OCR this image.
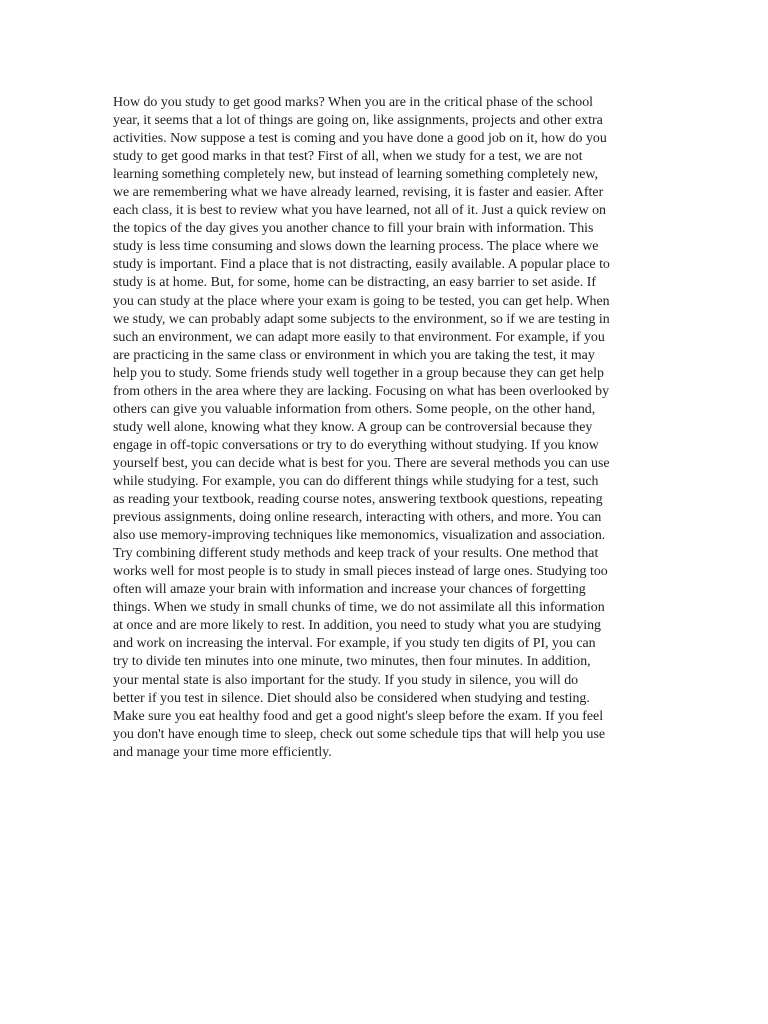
How do you study to get good marks? When you are in the critical phase of the school
year, it seems that a lot of things are going on, like assignments, projects and other extra
activities. Now suppose a test is coming and you have done a good job on it, how do you
study to get good marks in that test? First of all, when we study for a test, we are not
learning something completely new, but instead of learning something completely new,
we are remembering what we have already learned, revising, it is faster and easier. After
each class, it is best to review what you have learned, not all of it. Just a quick review on
the topics of the day gives you another chance to fill your brain with information. This
study is less time consuming and slows down the learning process. The place where we
study is important. Find a place that is not distracting, easily available. A popular place to
study is at home. But, for some, home can be distracting, an easy barrier to set aside. If
you can study at the place where your exam is going to be tested, you can get help. When
we study, we can probably adapt some subjects to the environment, so if we are testing in
such an environment, we can adapt more easily to that environment. For example, if you
are practicing in the same class or environment in which you are taking the test, it may
help you to study. Some friends study well together in a group because they can get help
from others in the area where they are lacking. Focusing on what has been overlooked by
others can give you valuable information from others. Some people, on the other hand,
study well alone, knowing what they know. A group can be controversial because they
engage in off-topic conversations or try to do everything without studying. If you know
yourself best, you can decide what is best for you. There are several methods you can use
while studying. For example, you can do different things while studying for a test, such
as reading your textbook, reading course notes, answering textbook questions, repeating
previous assignments, doing online research, interacting with others, and more. You can
also use memory-improving techniques like memonomics, visualization and association.
Try combining different study methods and keep track of your results. One method that
works well for most people is to study in small pieces instead of large ones. Studying too
often will amaze your brain with information and increase your chances of forgetting
things. When we study in small chunks of time, we do not assimilate all this information
at once and are more likely to rest. In addition, you need to study what you are studying
and work on increasing the interval. For example, if you study ten digits of PI, you can
try to divide ten minutes into one minute, two minutes, then four minutes. In addition,
your mental state is also important for the study. If you study in silence, you will do
better if you test in silence. Diet should also be considered when studying and testing.
Make sure you eat healthy food and get a good night's sleep before the exam. If you feel
you don't have enough time to sleep, check out some schedule tips that will help you use
and manage your time more efficiently.
